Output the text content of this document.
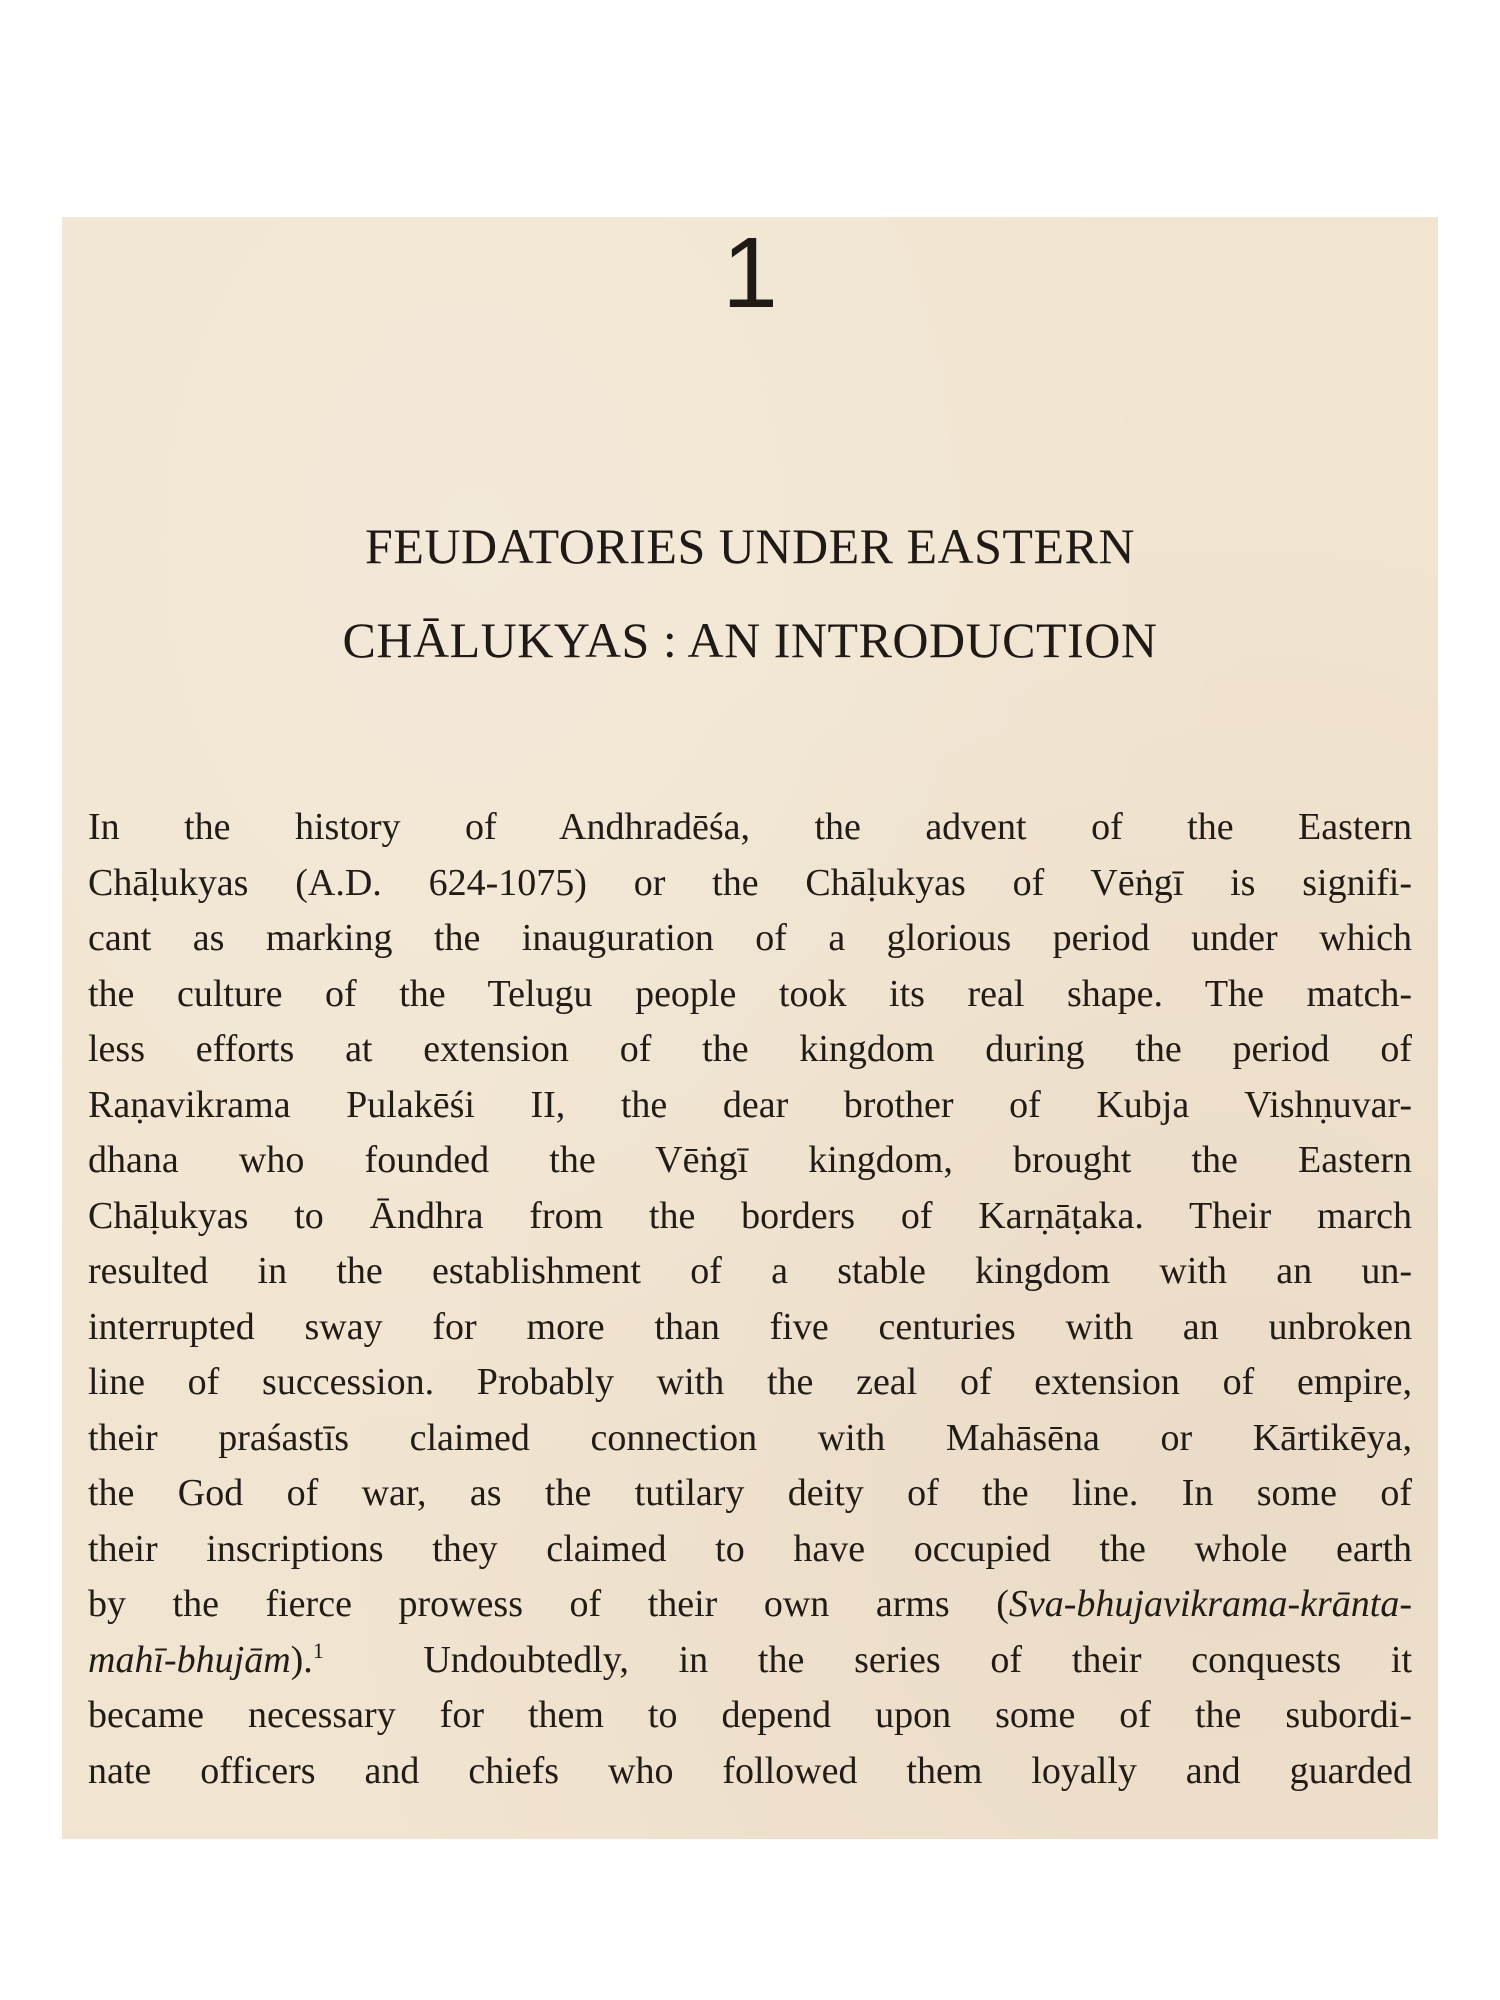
1
FEUDATORIES UNDER EASTERN
CHĀLUKYAS : AN INTRODUCTION
In the history of Andhradēśa, the advent of the Eastern
Chāḷukyas (A.D. 624-1075) or the Chāḷukyas of Vēṅgī is signifi-
cant as marking the inauguration of a glorious period under which
the culture of the Telugu people took its real shape. The match-
less efforts at extension of the kingdom during the period of
Raṇavikrama Pulakēśi II, the dear brother of Kubja Vishṇuvar-
dhana who founded the Vēṅgī kingdom, brought the Eastern
Chāḷukyas to Āndhra from the borders of Karṇāṭaka. Their march
resulted in the establishment of a stable kingdom with an un-
interrupted sway for more than five centuries with an unbroken
line of succession. Probably with the zeal of extension of empire,
their praśastīs claimed connection with Mahāsēna or Kārtikēya,
the God of war, as the tutilary deity of the line. In some of
their inscriptions they claimed to have occupied the whole earth
by the fierce prowess of their own arms (Sva-bhujavikrama-krānta-
mahī-bhujām).$^1$	Undoubtedly, in the series of their conquests it
became necessary for them to depend upon some of the subordi-
nate officers and chiefs who followed them loyally and guarded
